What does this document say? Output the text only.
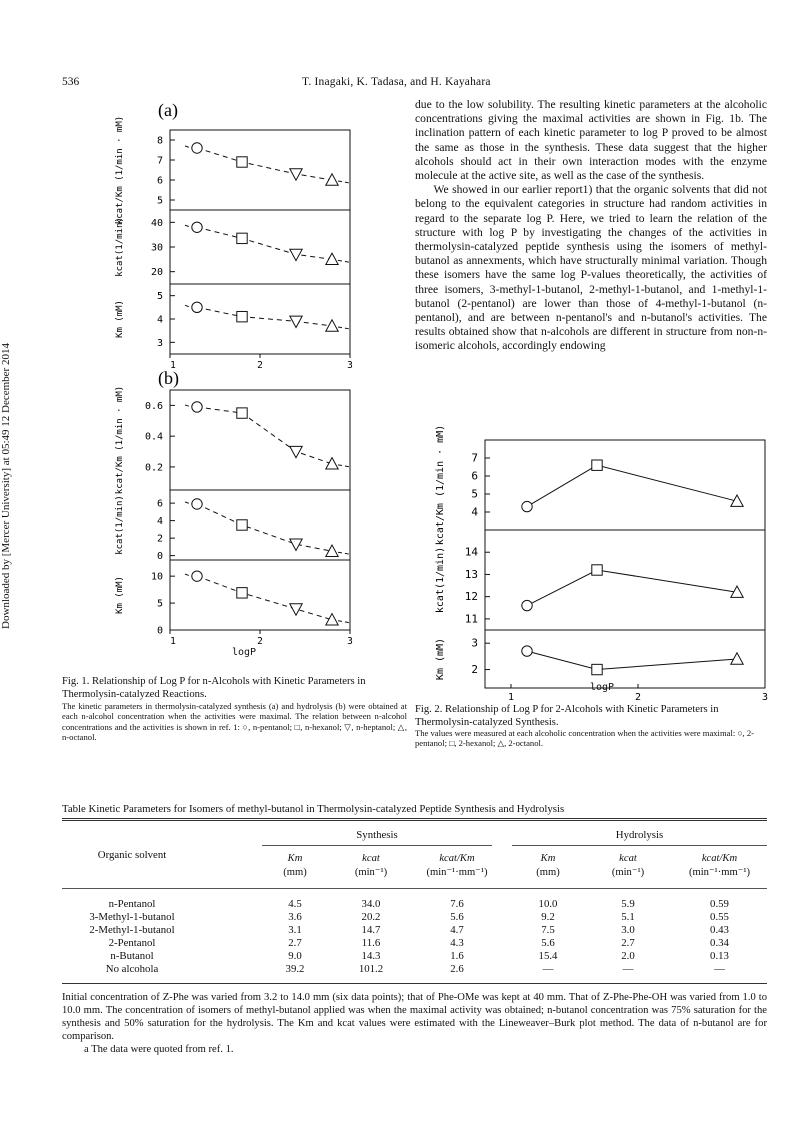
536	T. Inagaki, K. Tadasa, and H. Kayahara
Downloaded by [Mercer University] at 05:49 12 December 2014
(a)
(b)
5
6
7
8
kcat/Km (1/min · mM)
20
30
40
kcat(1/min)
3
4
5
Km (mM)
1	2	3
0.2
0.4
0.6
kcat/Km (1/min · mM)
0
2
4
6
kcat(1/min)
0
5
10
Km (mM)
1	2	3
logP
Fig. 1. Relationship of Log P for n-Alcohols with Kinetic Parameters in Thermolysin-catalyzed Reactions.
The kinetic parameters in thermolysin-catalyzed synthesis (a) and hydrolysis (b) were obtained at each n-alcohol concentration when the activities were maximal. The relation between n-alcohol concentrations and the activities is shown in ref. 1: ○, n-pentanol; □, n-hexanol; ▽, n-heptanol; △, n-octanol.

due to the low solubility. The resulting kinetic parameters at the alcoholic concentrations giving the maximal activities are shown in Fig. 1b. The inclination pattern of each kinetic parameter to log P proved to be almost the same as those in the synthesis. These data suggest that the higher alcohols should act in their own interaction modes with the enzyme molecule at the active site, as well as the case of the synthesis.

We showed in our earlier report1) that the organic solvents that did not belong to the equivalent categories in structure had random activities in regard to the separate log P. Here, we tried to learn the relation of the structure with log P by investigating the changes of the activities in thermolysin-catalyzed peptide synthesis using the isomers of methyl-butanol as annexments, which have structurally minimal variation. Though these isomers have the same log P-values theoretically, the activities of three isomers, 3-methyl-1-butanol, 2-methyl-1-butanol, and 1-methyl-1-butanol (2-pentanol) are lower than those of 4-methyl-1-butanol (n-pentanol), and are between n-pentanol's and n-butanol's activities. The results obtained show that n-alcohols are different in structure from non-n-isomeric alcohols, accordingly endowing

4
5
6
7
kcat/Km (1/min · mM)
11
12
13
14
kcat(1/min)
2
3
Km (mM)
1	2	3
logP
Fig. 2. Relationship of Log P for 2-Alcohols with Kinetic Parameters in Thermolysin-catalyzed Synthesis.
The values were measured at each alcoholic concentration when the activities were maximal: ○, 2-pentanol; □, 2-hexanol; △, 2-octanol.
Table Kinetic Parameters for Isomers of methyl-butanol in Thermolysin-catalyzed Peptide Synthesis and Hydrolysis
Organic solvent
Synthesis	Hydrolysis
Km
(mm)
kcat
(min⁻¹)
kcat/Km
(min⁻¹·mm⁻¹)
Km
(mm)
kcat
(min⁻¹)
kcat/Km
(min⁻¹·mm⁻¹)
n-Pentanol	4.5	34.0	7.6	10.0	5.9	0.59
3-Methyl-1-butanol	3.6	20.2	5.6	9.2	5.1	0.55
2-Methyl-1-butanol	3.1	14.7	4.7	7.5	3.0	0.43
2-Pentanol	2.7	11.6	4.3	5.6	2.7	0.34
n-Butanol	9.0	14.3	1.6	15.4	2.0	0.13
No alcohola	39.2	101.2	2.6	—	—	—
Initial concentration of Z-Phe was varied from 3.2 to 14.0 mm (six data points); that of Phe-OMe was kept at 40 mm. That of Z-Phe-Phe-OH was varied from 1.0 to 10.0 mm. The concentration of isomers of methyl-butanol applied was when the maximal activity was obtained; n-butanol concentration was 75% saturation for the synthesis and 50% saturation for the hydrolysis. The Km and kcat values were estimated with the Lineweaver–Burk plot method. The data of n-butanol are for comparison.
a The data were quoted from ref. 1.
